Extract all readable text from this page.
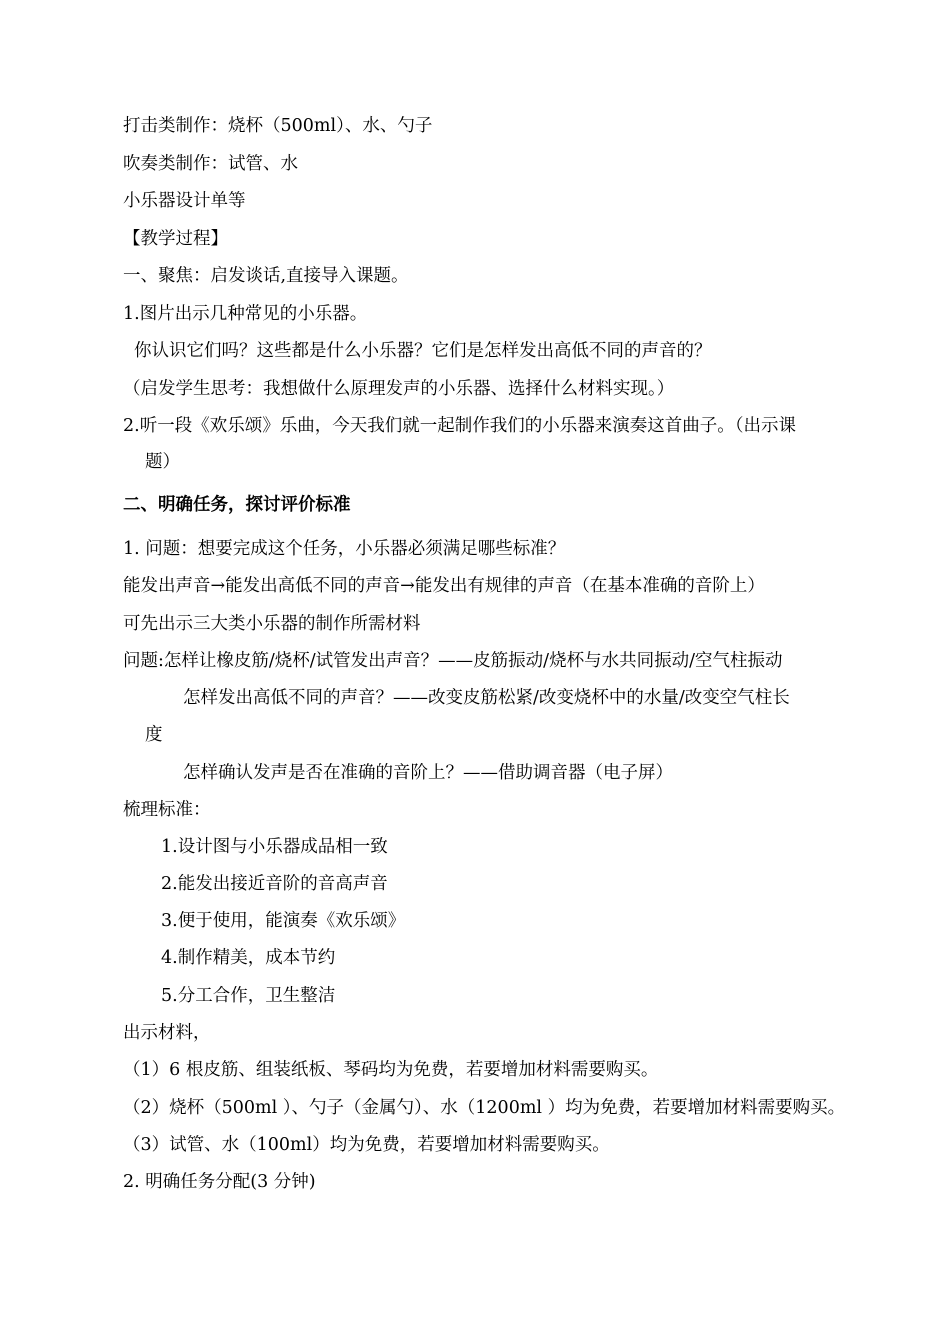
打击类制作：烧杯（500ml）、水、勺子
吹奏类制作：试管、水
小乐器设计单等
【教学过程】
一、聚焦：启发谈话,直接导入课题。
1.图片出示几种常见的小乐器。
你认识它们吗？这些都是什么小乐器？它们是怎样发出高低不同的声音的？
（启发学生思考：我想做什么原理发声的小乐器、选择什么材料实现。）
2.听一段《欢乐颂》乐曲，今天我们就一起制作我们的小乐器来演奏这首曲子。（出示课
题）
二、明确任务，探讨评价标准
1. 问题：想要完成这个任务，小乐器必须满足哪些标准？
能发出声音→能发出高低不同的声音→能发出有规律的声音（在基本准确的音阶上）
可先出示三大类小乐器的制作所需材料
问题:怎样让橡皮筋/烧杯/试管发出声音？——皮筋振动/烧杯与水共同振动/空气柱振动
怎样发出高低不同的声音？——改变皮筋松紧/改变烧杯中的水量/改变空气柱长
度
怎样确认发声是否在准确的音阶上？——借助调音器（电子屏）
梳理标准：
1.设计图与小乐器成品相一致
2.能发出接近音阶的音高声音
3.便于使用，能演奏《欢乐颂》
4.制作精美，成本节约
5.分工合作，卫生整洁
出示材料，
（1）6 根皮筋、组装纸板、琴码均为免费，若要增加材料需要购买。
（2）烧杯（500ml ）、勺子（金属勺）、水（1200ml ）均为免费，若要增加材料需要购买。
（3）试管、水（100ml）均为免费，若要增加材料需要购买。
2. 明确任务分配(3 分钟)
